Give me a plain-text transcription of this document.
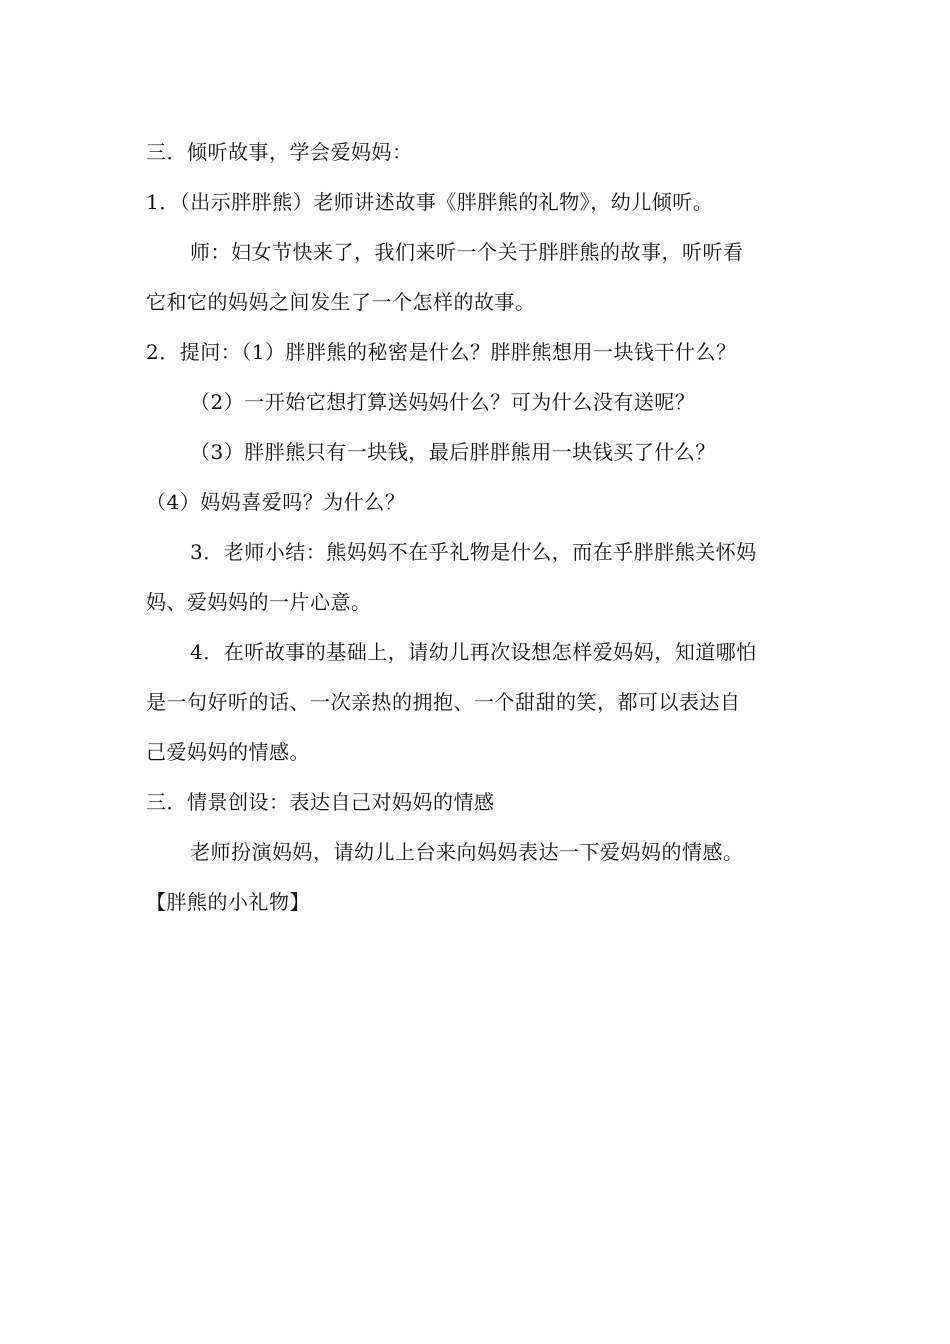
三．倾听故事，学会爱妈妈：
1．（出示胖胖熊）老师讲述故事《胖胖熊的礼物》，幼儿倾听。
师：妇女节快来了，我们来听一个关于胖胖熊的故事，听听看
它和它的妈妈之间发生了一个怎样的故事。
2．提问：（1）胖胖熊的秘密是什么？胖胖熊想用一块钱干什么？
（2）一开始它想打算送妈妈什么？可为什么没有送呢？
（3）胖胖熊只有一块钱，最后胖胖熊用一块钱买了什么？
（4）妈妈喜爱吗？为什么？
3．老师小结：熊妈妈不在乎礼物是什么，而在乎胖胖熊关怀妈
妈、爱妈妈的一片心意。
4．在听故事的基础上，请幼儿再次设想怎样爱妈妈，知道哪怕
是一句好听的话、一次亲热的拥抱、一个甜甜的笑，都可以表达自
己爱妈妈的情感。
三．情景创设：表达自己对妈妈的情感
老师扮演妈妈，请幼儿上台来向妈妈表达一下爱妈妈的情感。
【胖熊的小礼物】
